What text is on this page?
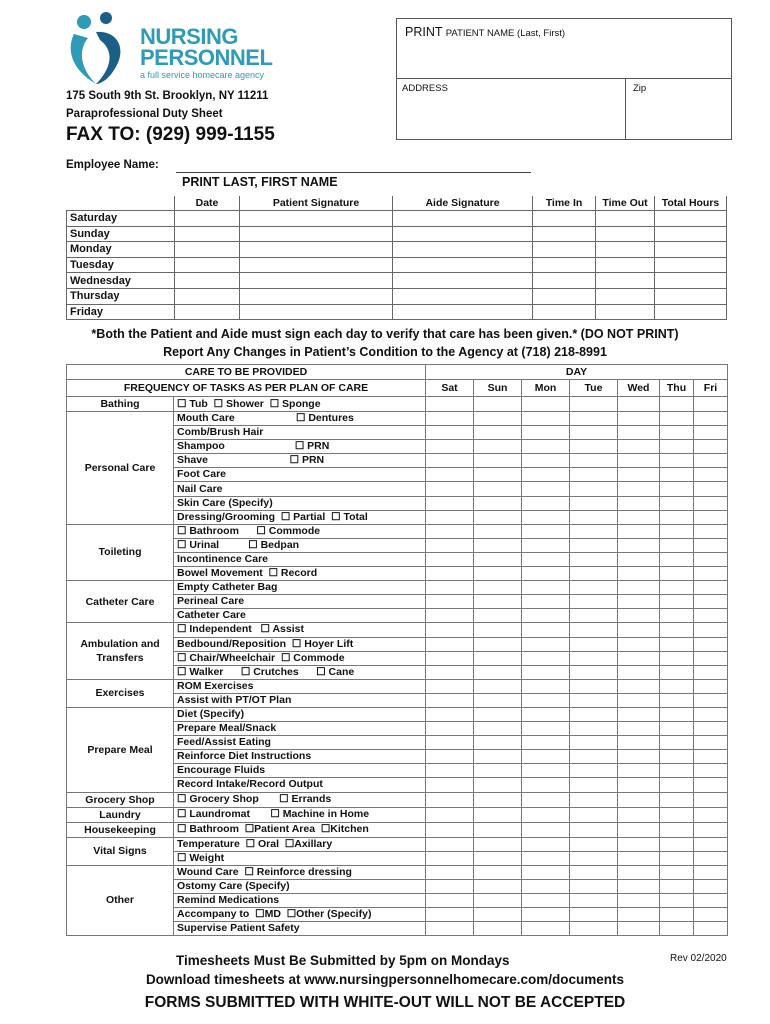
NURSING
PERSONNEL
a full service homecare agency
175 South 9th St. Brooklyn, NY 11211
Paraprofessional Duty Sheet
FAX TO: (929) 999-1155
PRINT PATIENT NAME (Last, First)
ADDRESS	Zip
Employee Name:
PRINT LAST, FIRST NAME
	Date	Patient Signature	Aide Signature	Time In	Time Out	Total Hours
Saturday						
Sunday						
Monday						
Tuesday						
Wednesday						
Thursday						
Friday						
*Both the Patient and Aide must sign each day to verify that care has been given.* (DO NOT PRINT)
Report Any Changes in Patient’s Condition to the Agency at (718) 218-8991
CARE TO BE PROVIDED		DAY						
FREQUENCY OF TASKS AS PER PLAN OF CARE		Sat	Sun	Mon	Tue	Wed	Thu	Fri
Bathing	☐ Tub  ☐ Shower  ☐ Sponge							
Personal Care	Mouth Care                     ☐ Dentures							
	Comb/Brush Hair							
	Shampoo                        ☐ PRN							
	Shave                            ☐ PRN							
	Foot Care							
	Nail Care							
	Skin Care (Specify)							
	Dressing/Grooming  ☐ Partial  ☐ Total							
Toileting	☐ Bathroom      ☐ Commode							
	☐ Urinal          ☐ Bedpan							
	Incontinence Care							
	Bowel Movement  ☐ Record							
Catheter Care	Empty Catheter Bag							
	Perineal Care							
	Catheter Care							
Ambulation and Transfers	☐ Independent   ☐ Assist							
	Bedbound/Reposition  ☐ Hoyer Lift							
	☐ Chair/Wheelchair  ☐ Commode							
	☐ Walker      ☐ Crutches      ☐ Cane							
Exercises	ROM Exercises							
	Assist with PT/OT Plan							
Prepare Meal	Diet (Specify)							
	Prepare Meal/Snack							
	Feed/Assist Eating							
	Reinforce Diet Instructions							
	Encourage Fluids							
	Record Intake/Record Output							
Grocery Shop	☐ Grocery Shop       ☐ Errands							
Laundry	☐ Laundromat       ☐ Machine in Home							
Housekeeping	☐ Bathroom  ☐Patient Area  ☐Kitchen							
Vital Signs	Temperature  ☐ Oral  ☐Axillary							
	☐ Weight							
Other	Wound Care  ☐ Reinforce dressing							
	Ostomy Care (Specify)							
	Remind Medications							
	Accompany to  ☐MD  ☐Other (Specify)							
	Supervise Patient Safety							
Timesheets Must Be Submitted by 5pm on Mondays	Rev 02/2020
Download timesheets at www.nursingpersonnelhomecare.com/documents
FORMS SUBMITTED WITH WHITE-OUT WILL NOT BE ACCEPTED
